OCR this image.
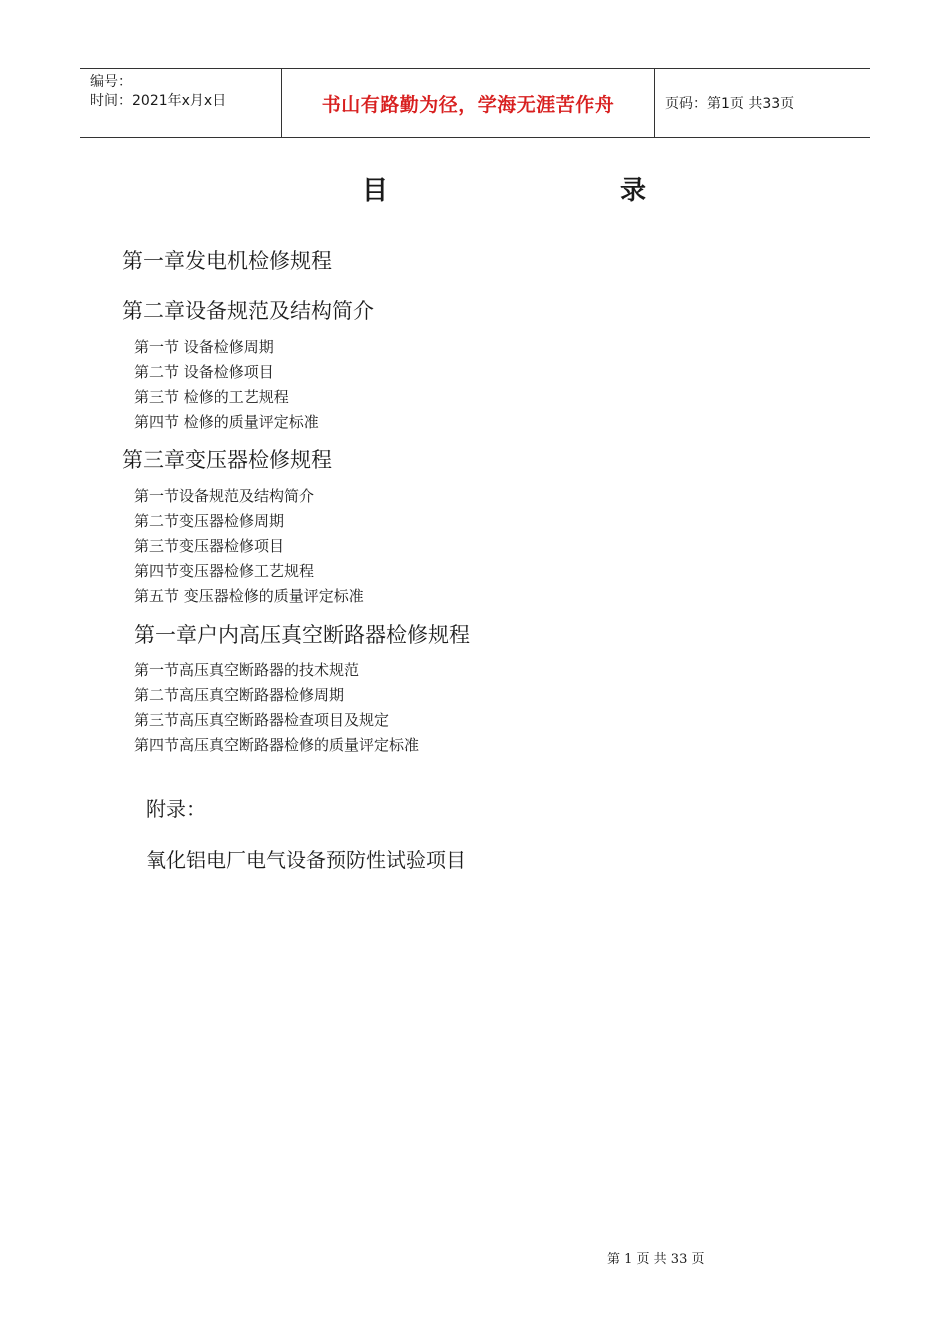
编号：
时间：2021年x月x日	书山有路勤为径，学海无涯苦作舟	页码：第1页 共33页
目	录
第一章发电机检修规程
第二章设备规范及结构简介
第一节 设备检修周期
第二节 设备检修项目
第三节 检修的工艺规程
第四节 检修的质量评定标准
第三章变压器检修规程
第一节设备规范及结构简介
第二节变压器检修周期
第三节变压器检修项目
第四节变压器检修工艺规程
第五节 变压器检修的质量评定标准
第一章户内高压真空断路器检修规程
第一节高压真空断路器的技术规范
第二节高压真空断路器检修周期
第三节高压真空断路器检查项目及规定
第四节高压真空断路器检修的质量评定标准
附录：
氧化铝电厂电气设备预防性试验项目
第 1 页 共 33 页
